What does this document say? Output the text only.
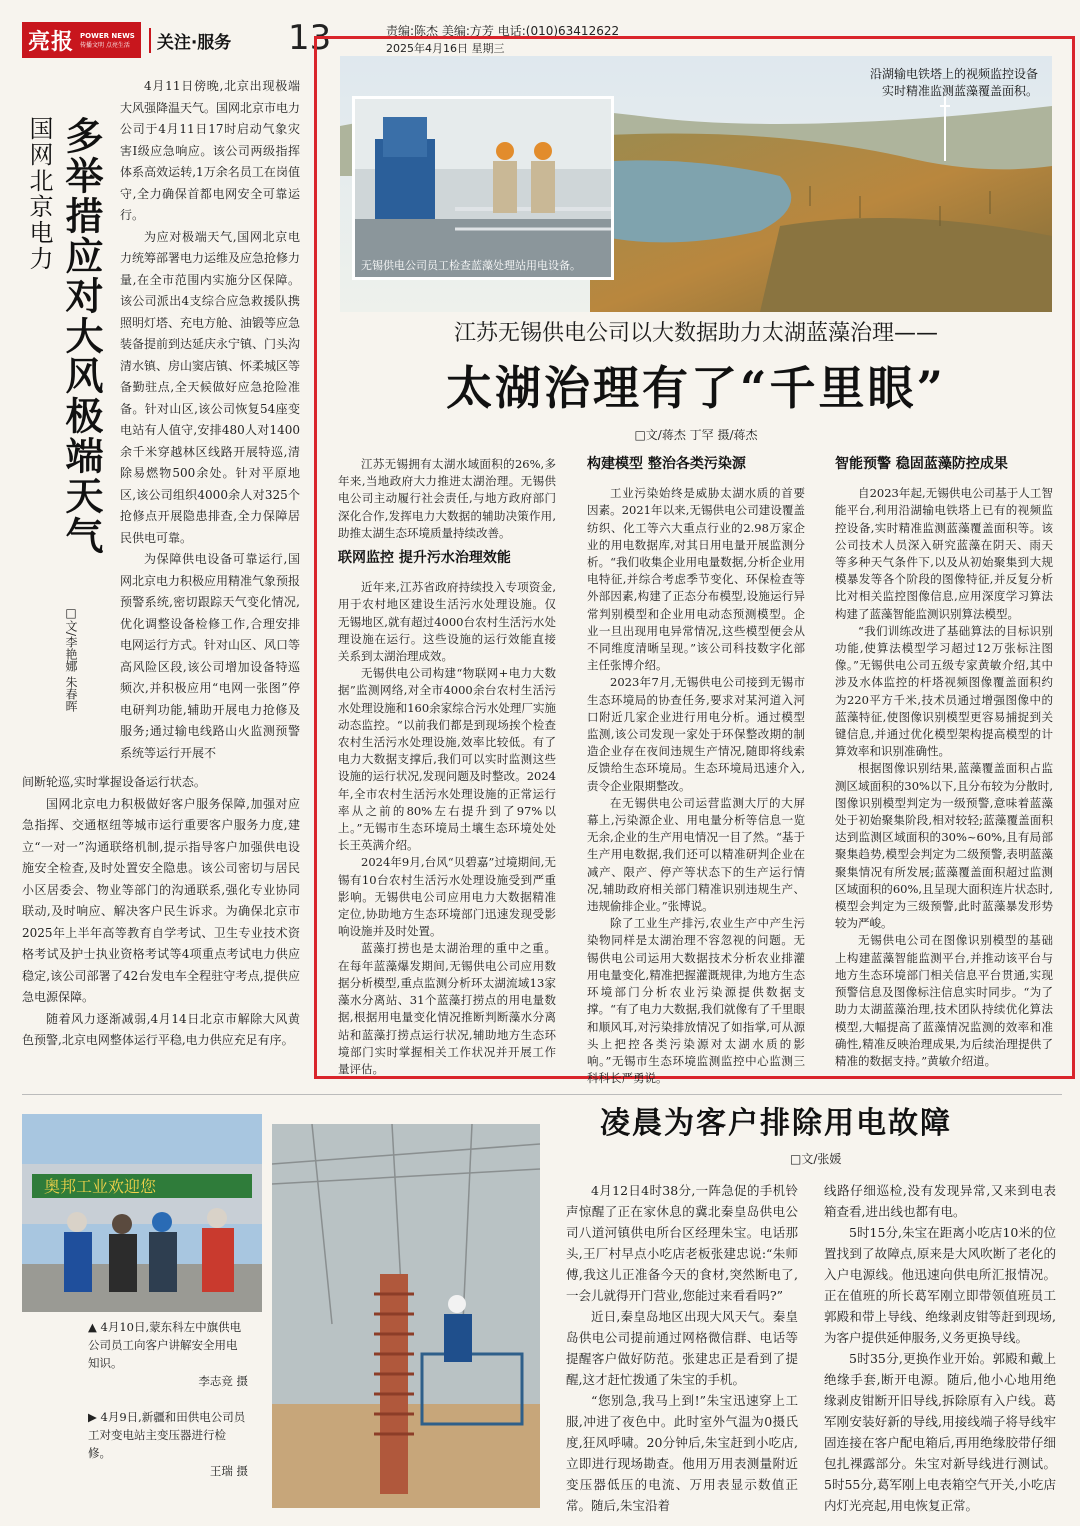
亮报 POWER NEWS
传播文明 点亮生活	关注·服务 13	责编:陈杰 美编:方芳 电话:(010)63412622
2025年4月16日 星期三
国网北京电力 多举措应对大风极端天气
□文/李艳娜 朱春晖

4月11日傍晚,北京出现极端大风强降温天气。国网北京市电力公司于4月11日17时启动气象灾害Ⅰ级应急响应。该公司两级指挥体系高效运转,1万余名员工在岗值守,全力确保首都电网安全可靠运行。

为应对极端天气,国网北京电力统筹部署电力运维及应急抢修力量,在全市范围内实施分区保障。该公司派出4支综合应急救援队携照明灯塔、充电方舱、油锻等应急装备提前到达延庆永宁镇、门头沟清水镇、房山窦店镇、怀柔城区等备勤驻点,全天候做好应急抢险准备。针对山区,该公司恢复54座变电站有人值守,安排480人对1400余千米穿越林区线路开展特巡,清除易燃物500余处。针对平原地区,该公司组织4000余人对325个抢修点开展隐患排查,全力保障居民供电可靠。

为保障供电设备可靠运行,国网北京电力积极应用精准气象预报预警系统,密切跟踪天气变化情况,优化调整设备检修工作,合理安排电网运行方式。针对山区、风口等高风险区段,该公司增加设备特巡频次,并积极应用“电网一张图”停电研判功能,辅助开展电力抢修及服务;通过输电线路山火监测预警系统等运行开展不

间断轮巡,实时掌握设备运行状态。

国网北京电力积极做好客户服务保障,加强对应急指挥、交通枢纽等城市运行重要客户服务力度,建立“一对一”沟通联络机制,提示指导客户加强供电设施安全检查,及时处置安全隐患。该公司密切与居民小区居委会、物业等部门的沟通联系,强化专业协同联动,及时响应、解决客户民生诉求。为确保北京市2025年上半年高等教育自学考试、卫生专业技术资格考试及护士执业资格考试等4项重点考试电力供应稳定,该公司部署了42台发电车全程驻守考点,提供应急电源保障。

随着风力逐渐减弱,4月14日北京市解除大风黄色预警,北京电网整体运行平稳,电力供应充足有序。

沿湖输电铁塔上的视频监控设备
实时精准监测蓝藻覆盖面积。
无锡供电公司员工检查蓝藻处理站用电设备。
江苏无锡供电公司以大数据助力太湖蓝藻治理——
太湖治理有了“千里眼”
□文/蒋杰 丁罕 摄/蒋杰

江苏无锡拥有太湖水域面积的26%,多年来,当地政府大力推进太湖治理。无锡供电公司主动履行社会责任,与地方政府部门深化合作,发挥电力大数据的辅助决策作用,助推太湖生态环境质量持续改善。

联网监控 提升污水治理效能

近年来,江苏省政府持续投入专项资金,用于农村地区建设生活污水处理设施。仅无锡地区,就有超过4000台农村生活污水处理设施在运行。这些设施的运行效能直接关系到太湖治理成效。

无锡供电公司构建“物联网+电力大数据”监测网络,对全市4000余台农村生活污水处理设施和160余家综合污水处理厂实施动态监控。“以前我们都是到现场挨个检查农村生活污水处理设施,效率比较低。有了电力大数据支撑后,我们可以实时监测这些设施的运行状况,发现问题及时整改。2024年,全市农村生活污水处理设施的正常运行率从之前的80%左右提升到了97%以上。”无锡市生态环境局土壤生态环境处处长王英满介绍。

2024年9月,台风“贝碧嘉”过境期间,无锡有10台农村生活污水处理设施受到严重影响。无锡供电公司应用电力大数据精准定位,协助地方生态环境部门迅速发现受影响设施并及时处置。

蓝藻打捞也是太湖治理的重中之重。在每年蓝藻爆发期间,无锡供电公司应用数据分析模型,重点监测分析环太湖流域13家藻水分离站、31个蓝藻打捞点的用电量数据,根据用电量变化情况推断判断藻水分离站和蓝藻打捞点运行状况,辅助地方生态环境部门实时掌握相关工作状况并开展工作量评估。

构建模型 整治各类污染源

工业污染始终是威胁太湖水质的首要因素。2021年以来,无锡供电公司建设覆盖纺织、化工等六大重点行业的2.98万家企业的用电数据库,对其日用电量开展监测分析。“我们收集企业用电量数据,分析企业用电特征,并综合考虑季节变化、环保检查等外部因素,构建了正态分布模型,设施运行异常判别模型和企业用电动态预测模型。企业一旦出现用电异常情况,这些模型便会从不同维度清晰呈现。”该公司科技数字化部主任张博介绍。

2023年7月,无锡供电公司接到无锡市生态环境局的协查任务,要求对某河道入河口附近几家企业进行用电分析。通过模型监测,该公司发现一家处于环保整改期的制造企业存在夜间违规生产情况,随即将线索反馈给生态环境局。生态环境局迅速介入,责令企业限期整改。

在无锡供电公司运营监测大厅的大屏幕上,污染源企业、用电量分析等信息一览无余,企业的生产用电情况一目了然。“基于生产用电数据,我们还可以精准研判企业在减产、限产、停产等状态下的生产运行情况,辅助政府相关部门精准识别违规生产、违规偷排企业。”张博说。

除了工业生产排污,农业生产中产生污染物同样是太湖治理不容忽视的问题。无锡供电公司运用大数据技术分析农业排灌用电量变化,精准把握灌溉规律,为地方生态环境部门分析农业污染源提供数据支撑。“有了电力大数据,我们就像有了千里眼和顺风耳,对污染排放情况了如指掌,可从源头上把控各类污染源对太湖水质的影响。”无锡市生态环境监测监控中心监测三科科长严勇说。

智能预警 稳固蓝藻防控成果

自2023年起,无锡供电公司基于人工智能平台,利用沿湖输电铁塔上已有的视频监控设备,实时精准监测蓝藻覆盖面积等。该公司技术人员深入研究蓝藻在阴天、雨天等多种天气条件下,以及从初始聚集到大规模暴发等各个阶段的图像特征,并反复分析比对相关监控图像信息,应用深度学习算法构建了蓝藻智能监测识别算法模型。

“我们训练改进了基础算法的目标识别功能,使算法模型学习超过12万张标注图像。”无锡供电公司五级专家黄敏介绍,其中涉及水体监控的杆塔视频图像覆盖面积约为220平方千米,技术员通过增强图像中的蓝藻特征,使图像识别模型更容易捕捉到关键信息,并通过优化模型架构提高模型的计算效率和识别准确性。

根据图像识别结果,蓝藻覆盖面积占监测区域面积的30%以下,且分布较为分散时,图像识别模型判定为一级预警,意味着蓝藻处于初始聚集阶段,相对较轻;蓝藻覆盖面积达到监测区域面积的30%~60%,且有局部聚集趋势,模型会判定为二级预警,表明蓝藻聚集情况有所发展;蓝藻覆盖面积超过监测区域面积的60%,且呈现大面积连片状态时,模型会判定为三级预警,此时蓝藻暴发形势较为严峻。

无锡供电公司在图像识别模型的基础上构建蓝藻智能监测平台,并推动该平台与地方生态环境部门相关信息平台贯通,实现预警信息及图像标注信息实时同步。“为了助力太湖蓝藻治理,技术团队持续优化算法模型,大幅提高了蓝藻情况监测的效率和准确性,精准反映治理成果,为后续治理提供了精准的数据支持。”黄敏介绍道。

奥邦工业欢迎您
▲ 4月10日,蒙东科左中旗供电公司员工向客户讲解安全用电知识。
李志竞 摄
▶ 4月9日,新疆和田供电公司员工对变电站主变压器进行检修。
王瑞 摄
凌晨为客户排除用电故障
□文/张媛

4月12日4时38分,一阵急促的手机铃声惊醒了正在家休息的冀北秦皇岛供电公司八道河镇供电所台区经理朱宝。电话那头,王厂村早点小吃店老板张建忠说:“朱师傅,我这儿正准备今天的食材,突然断电了,一会儿就得开门营业,您能过来看看吗?”

近日,秦皇岛地区出现大风天气。秦皇岛供电公司提前通过网格微信群、电话等提醒客户做好防范。张建忠正是看到了提醒,这才赶忙拨通了朱宝的手机。

“您别急,我马上到!”朱宝迅速穿上工服,冲进了夜色中。此时室外气温为0摄氏度,狂风呼啸。20分钟后,朱宝赶到小吃店,立即进行现场勘查。他用万用表测量附近变压器低压的电流、万用表显示数值正常。随后,朱宝沿着

线路仔细巡检,没有发现异常,又来到电表箱查看,进出线也都有电。

5时15分,朱宝在距离小吃店10米的位置找到了故障点,原来是大风吹断了老化的入户电源线。他迅速向供电所汇报情况。正在值班的所长葛军刚立即带领值班员工郭殿和带上导线、绝缘剥皮钳等赶到现场,为客户提供延伸服务,义务更换导线。

5时35分,更换作业开始。郭殿和戴上绝缘手套,断开电源。随后,他小心地用绝缘剥皮钳断开旧导线,拆除原有入户线。葛军刚安装好新的导线,用接线端子将导线牢固连接在客户配电箱后,再用绝缘胶带仔细包扎裸露部分。朱宝对新导线进行测试。5时55分,葛军刚上电表箱空气开关,小吃店内灯光亮起,用电恢复正常。
